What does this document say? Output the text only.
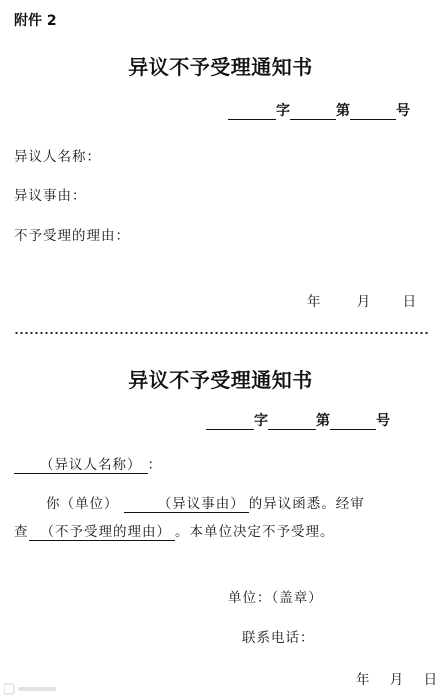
附件 2
异议不予受理通知书
字	第	号
异议人名称：
异议事由：
不予受理的理由：
年	月 日
异议不予受理通知书
字	第	号
（异议人名称） ：
你（单位）	（异议事由） 的异议函悉。经审
查 （不予受理的理由） 。本单位决定不予受理。
单位：（盖章）
联系电话：
年 月 日
